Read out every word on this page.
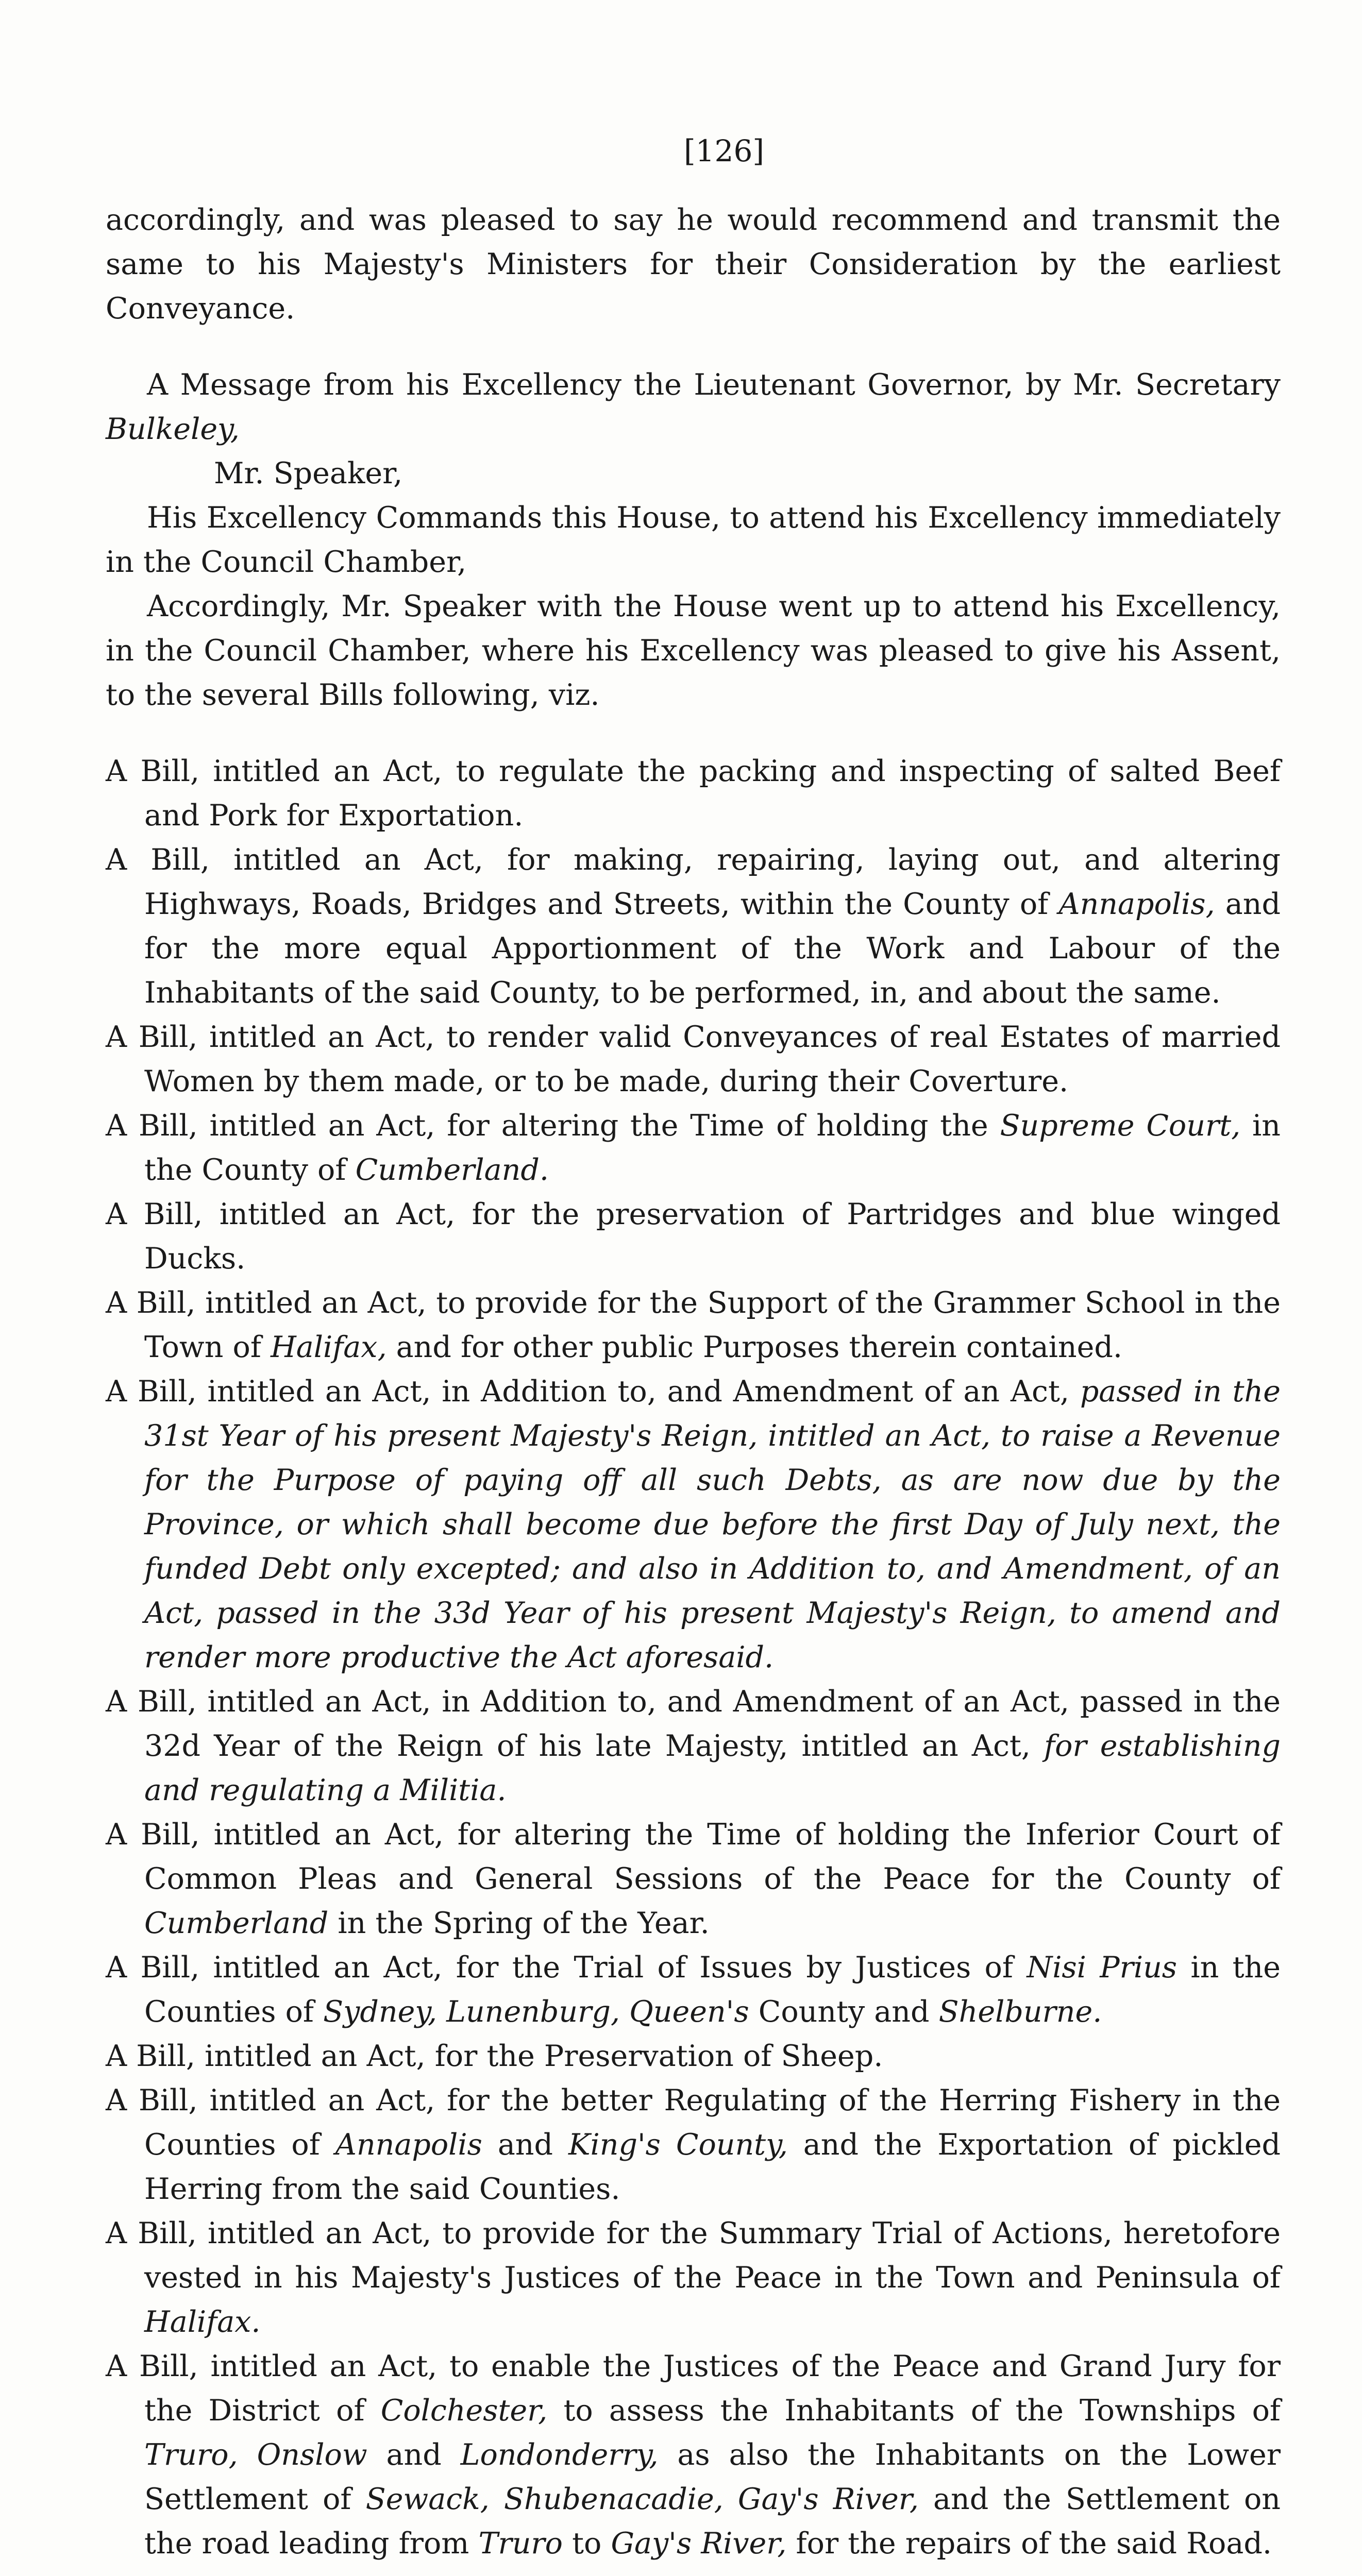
[126]

accordingly, and was pleased to say he would recommend and transmit the same to his Majesty's Ministers for their Consideration by the earliest Conveyance.

A Message from his Excellency the Lieutenant Governor, by Mr. Secretary Bulkeley,

Mr. Speaker,

His Excellency Commands this House, to attend his Excellency immediately in the Council Chamber,

Accordingly, Mr. Speaker with the House went up to attend his Excellency, in the Council Chamber, where his Excellency was pleased to give his Assent, to the several Bills following, viz.

A Bill, intitled an Act, to regulate the packing and inspecting of salted Beef and Pork for Exportation.

A Bill, intitled an Act, for making, repairing, laying out, and altering Highways, Roads, Bridges and Streets, within the County of Annapolis, and for the more equal Apportionment of the Work and Labour of the Inhabitants of the said County, to be performed, in, and about the same.

A Bill, intitled an Act, to render valid Conveyances of real Estates of married Women by them made, or to be made, during their Coverture.

A Bill, intitled an Act, for altering the Time of holding the Supreme Court, in the County of Cumberland.

A Bill, intitled an Act, for the preservation of Partridges and blue winged Ducks.

A Bill, intitled an Act, to provide for the Support of the Grammer School in the Town of Halifax, and for other public Purposes therein contained.

A Bill, intitled an Act, in Addition to, and Amendment of an Act, passed in the 31st Year of his present Majesty's Reign, intitled an Act, to raise a Revenue for the Purpose of paying off all such Debts, as are now due by the Province, or which shall become due before the first Day of July next, the funded Debt only excepted; and also in Addition to, and Amendment, of an Act, passed in the 33d Year of his present Majesty's Reign, to amend and render more productive the Act aforesaid.

A Bill, intitled an Act, in Addition to, and Amendment of an Act, passed in the 32d Year of the Reign of his late Majesty, intitled an Act, for establishing and regulating a Militia.

A Bill, intitled an Act, for altering the Time of holding the Inferior Court of Common Pleas and General Sessions of the Peace for the County of Cumberland in the Spring of the Year.

A Bill, intitled an Act, for the Trial of Issues by Justices of Nisi Prius in the Counties of Sydney, Lunenburg, Queen's County and Shelburne.

A Bill, intitled an Act, for the Preservation of Sheep.

A Bill, intitled an Act, for the better Regulating of the Herring Fishery in the Counties of Annapolis and King's County, and the Exportation of pickled Herring from the said Counties.

A Bill, intitled an Act, to provide for the Summary Trial of Actions, heretofore vested in his Majesty's Justices of the Peace in the Town and Peninsula of Halifax.

A Bill, intitled an Act, to enable the Justices of the Peace and Grand Jury for the District of Colchester, to assess the Inhabitants of the Townships of Truro, Onslow and Londonderry, as also the Inhabitants on the Lower Settlement of Sewack, Shubenacadie, Gay's River, and the Settlement on the road leading from Truro to Gay's River, for the repairs of the said Road.
